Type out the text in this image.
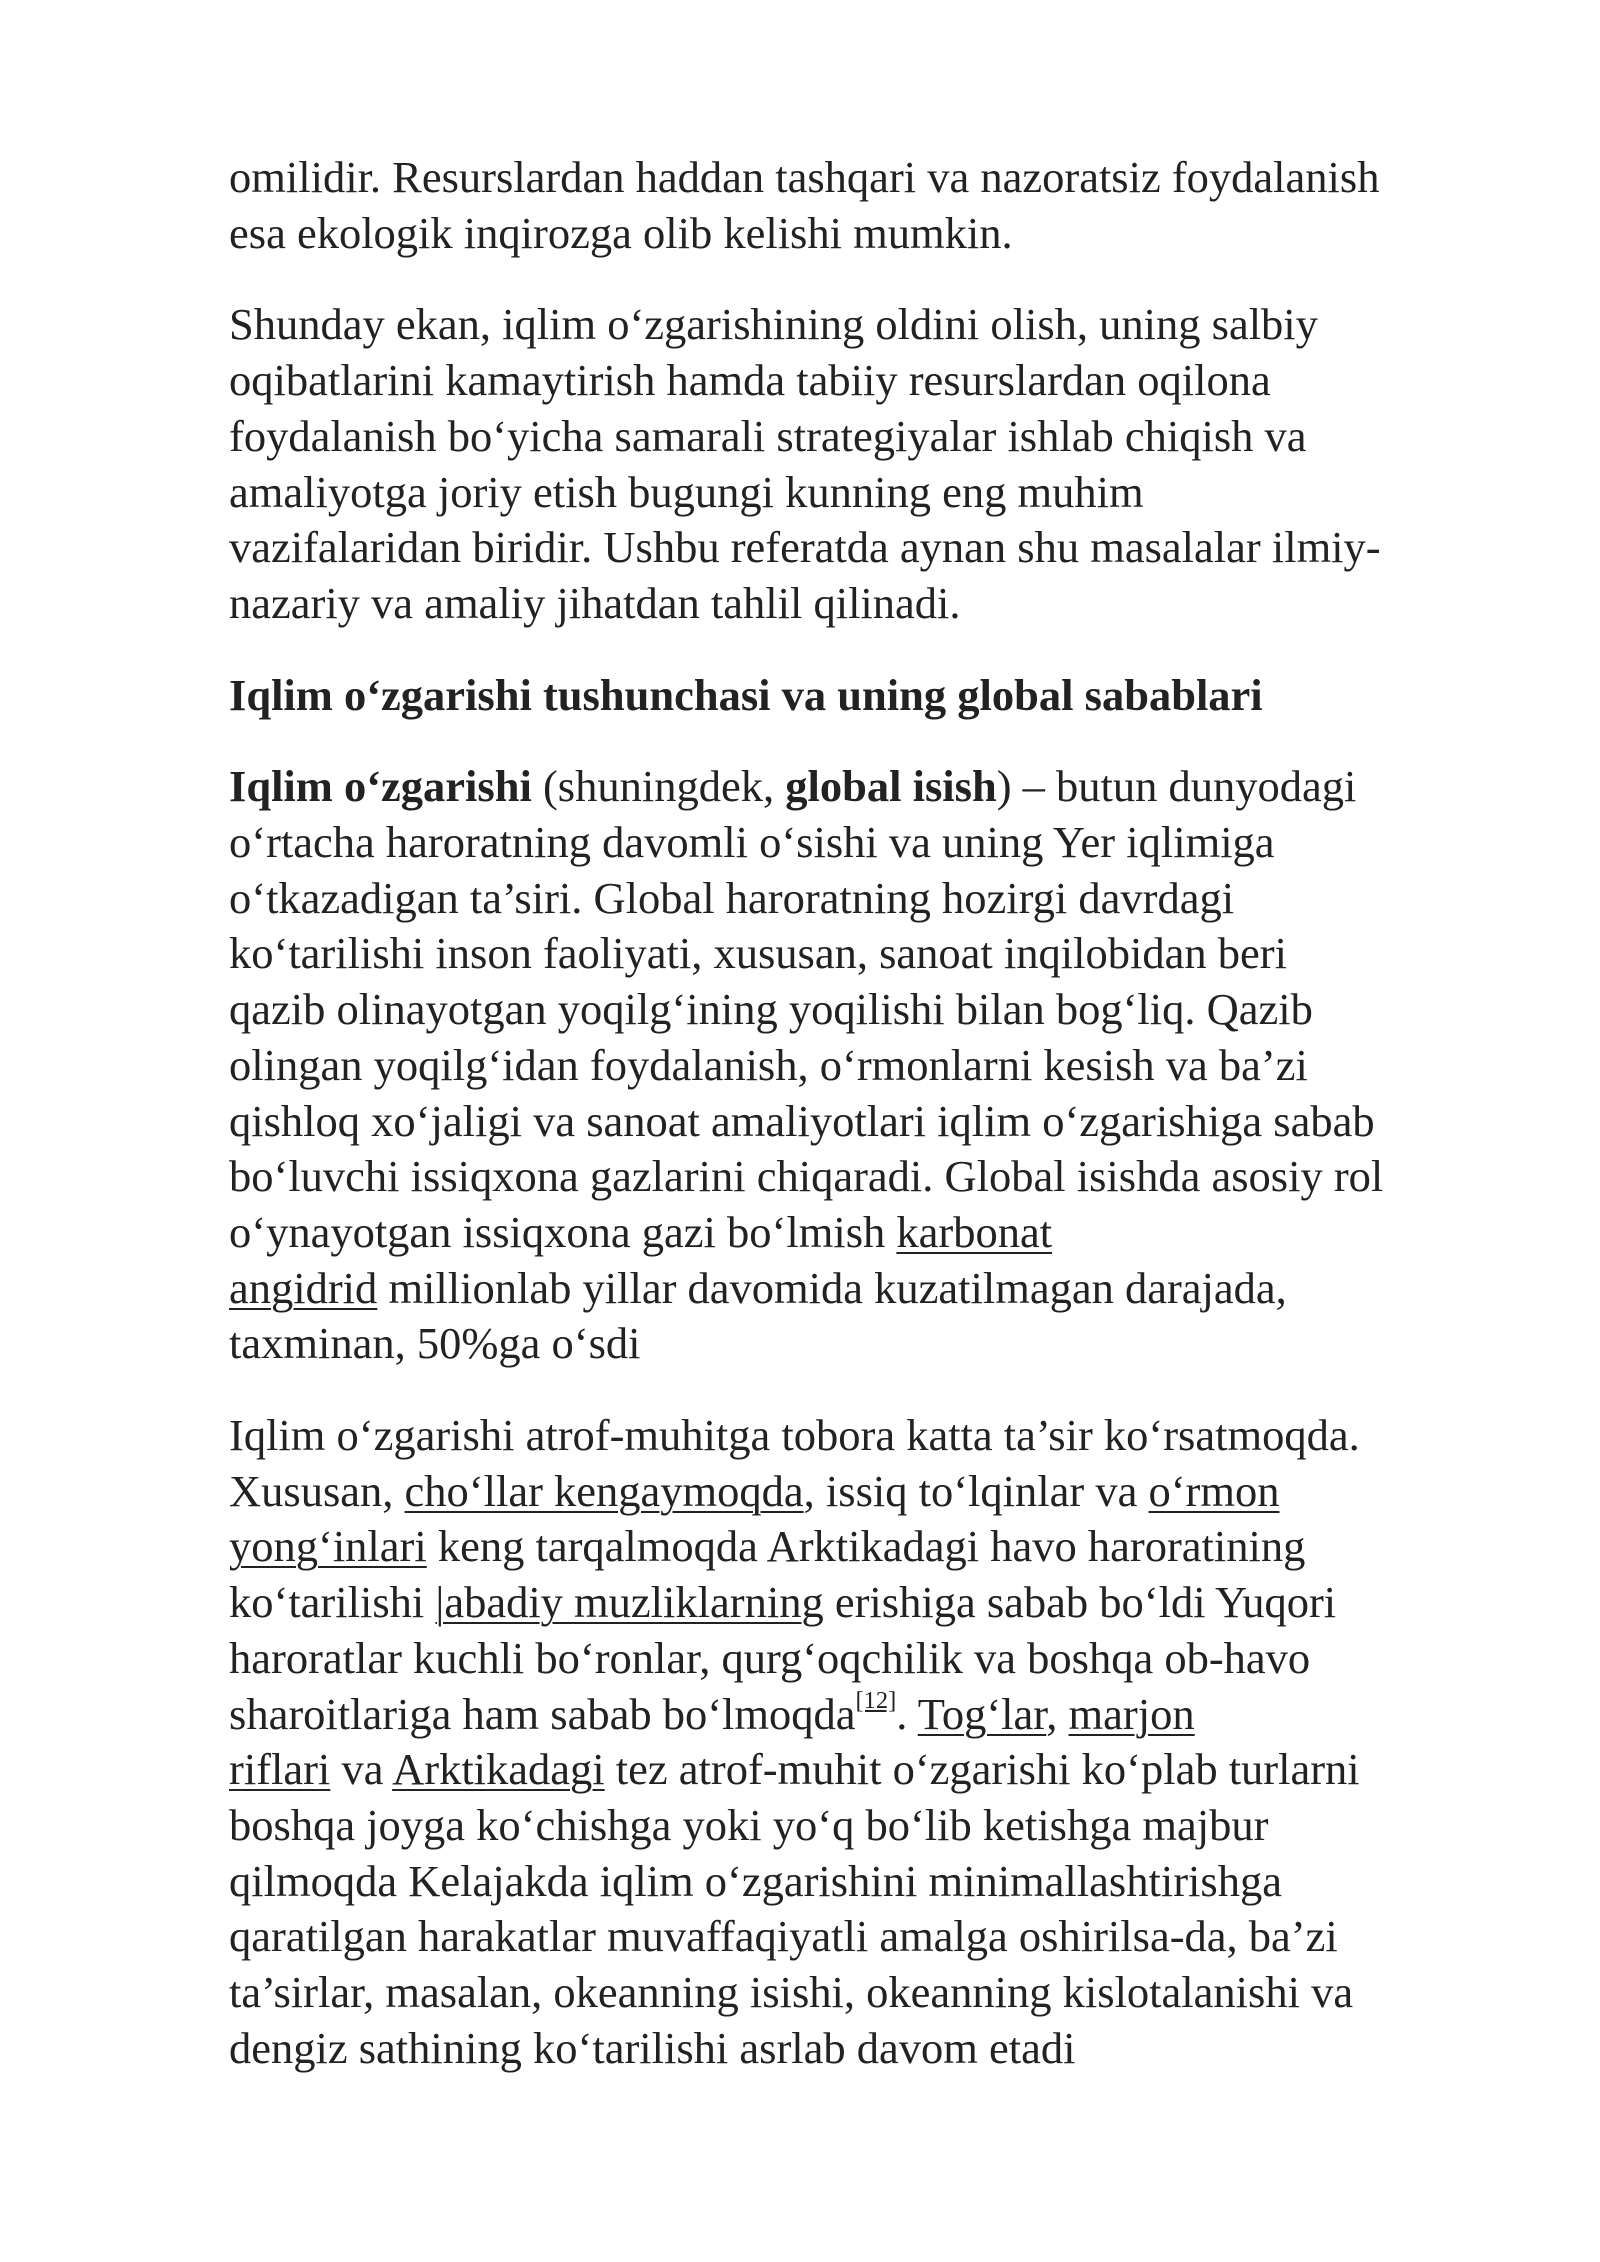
omilidir. Resurslardan haddan tashqari va nazoratsiz foydalanish
esa ekologik inqirozga olib kelishi mumkin.

Shunday ekan, iqlim o‘zgarishining oldini olish, uning salbiy
oqibatlarini kamaytirish hamda tabiiy resurslardan oqilona
foydalanish bo‘yicha samarali strategiyalar ishlab chiqish va
amaliyotga joriy etish bugungi kunning eng muhim
vazifalaridan biridir. Ushbu referatda aynan shu masalalar ilmiy-
nazariy va amaliy jihatdan tahlil qilinadi.

Iqlim o‘zgarishi tushunchasi va uning global sabablari

Iqlim o‘zgarishi (shuningdek, global isish) – butun dunyodagi
o‘rtacha haroratning davomli o‘sishi va uning Yer iqlimiga
o‘tkazadigan ta’siri. Global haroratning hozirgi davrdagi
ko‘tarilishi inson faoliyati, xususan, sanoat inqilobidan beri
qazib olinayotgan yoqilg‘ining yoqilishi bilan bog‘liq. Qazib
olingan yoqilg‘idan foydalanish, o‘rmonlarni kesish va ba’zi
qishloq xo‘jaligi va sanoat amaliyotlari iqlim o‘zgarishiga sabab
bo‘luvchi issiqxona gazlarini chiqaradi. Global isishda asosiy rol
o‘ynayotgan issiqxona gazi bo‘lmish karbonat
angidrid millionlab yillar davomida kuzatilmagan darajada,
taxminan, 50%ga o‘sdi

Iqlim o‘zgarishi atrof-muhitga tobora katta ta’sir ko‘rsatmoqda.
Xususan, cho‘llar kengaymoqda, issiq to‘lqinlar va o‘rmon
yong‘inlari keng tarqalmoqda Arktikadagi havo haroratining
ko‘tarilishi |abadiy muzliklarning erishiga sabab bo‘ldi Yuqori
haroratlar kuchli bo‘ronlar, qurg‘oqchilik va boshqa ob-havo
sharoitlariga ham sabab bo‘lmoqda[12]. Tog‘lar, marjon
riflari va Arktikadagi tez atrof-muhit o‘zgarishi ko‘plab turlarni
boshqa joyga ko‘chishga yoki yo‘q bo‘lib ketishga majbur
qilmoqda Kelajakda iqlim o‘zgarishini minimallashtirishga
qaratilgan harakatlar muvaffaqiyatli amalga oshirilsa-da, ba’zi
ta’sirlar, masalan, okeanning isishi, okeanning kislotalanishi va
dengiz sathining ko‘tarilishi asrlab davom etadi
